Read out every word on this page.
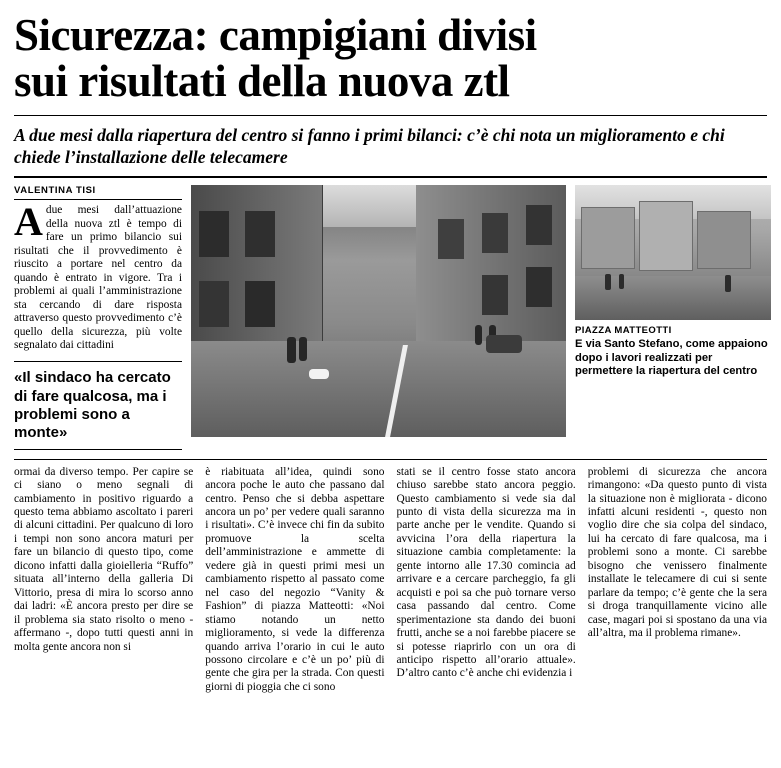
Sicurezza: campigiani divisi
sui risultati della nuova ztl
A due mesi dalla riapertura del centro si fanno i primi bilanci: c’è chi nota un miglioramento e chi chiede l’installazione delle telecamere
VALENTINA TISI
Adue mesi dall’attuazione della nuova ztl è tempo di fare un primo bilancio sui risultati che il provvedimento è riuscito a portare nel centro da quando è entrato in vigore. Tra i problemi ai quali l’amministrazione sta cercando di dare risposta attraverso questo provvedimento c’è quello della sicurezza, più volte segnalato dai cittadini
«Il sindaco ha cercato di fare qualcosa, ma i problemi sono a monte»
PIAZZA MATTEOTTI
E via Santo Stefano, come appaiono dopo i lavori realizzati per permettere la riapertura del centro
ormai da diverso tempo. Per capire se ci siano o meno segnali di cambiamento in positivo riguardo a questo tema abbiamo ascoltato i pareri di alcuni cittadini. Per qualcuno di loro i tempi non sono ancora maturi per fare un bilancio di questo tipo, come dicono infatti dalla gioielleria “Ruffo” situata all’interno della galleria Di Vittorio, presa di mira lo scorso anno dai ladri: «È ancora presto per dire se il problema sia stato risolto o meno - affermano -, dopo tutti questi anni in molta gente ancora non si
è riabituata all’idea, quindi sono ancora poche le auto che passano dal centro. Penso che si debba aspettare ancora un po’ per vedere quali saranno i risultati». C’è invece chi fin da subito promuove la scelta dell’amministrazione e ammette di vedere già in questi primi mesi un cambiamento rispetto al passato come nel caso del negozio “Vanity & Fashion” di piazza Matteotti: «Noi stiamo notando un netto miglioramento, si vede la differenza quando arriva l’orario in cui le auto possono circolare e c’è un po’ più di gente che gira per la strada. Con questi giorni di pioggia che ci sono
stati se il centro fosse stato ancora chiuso sarebbe stato ancora peggio. Questo cambiamento si vede sia dal punto di vista della sicurezza ma in parte anche per le vendite. Quando si avvicina l’ora della riapertura la situazione cambia completamente: la gente intorno alle 17.30 comincia ad arrivare e a cercare parcheggio, fa gli acquisti e poi sa che può tornare verso casa passando dal centro. Come sperimentazione sta dando dei buoni frutti, anche se a noi farebbe piacere se si potesse riaprirlo con un ora di anticipo rispetto all’orario attuale». D’altro canto c’è anche chi evidenzia i
problemi di sicurezza che ancora rimangono: «Da questo punto di vista la situazione non è migliorata - dicono infatti alcuni residenti -, questo non voglio dire che sia colpa del sindaco, lui ha cercato di fare qualcosa, ma i problemi sono a monte. Ci sarebbe bisogno che venissero finalmente installate le telecamere di cui si sente parlare da tempo; c’è gente che la sera si droga tranquillamente vicino alle case, magari poi si spostano da una via all’altra, ma il problema rimane».
